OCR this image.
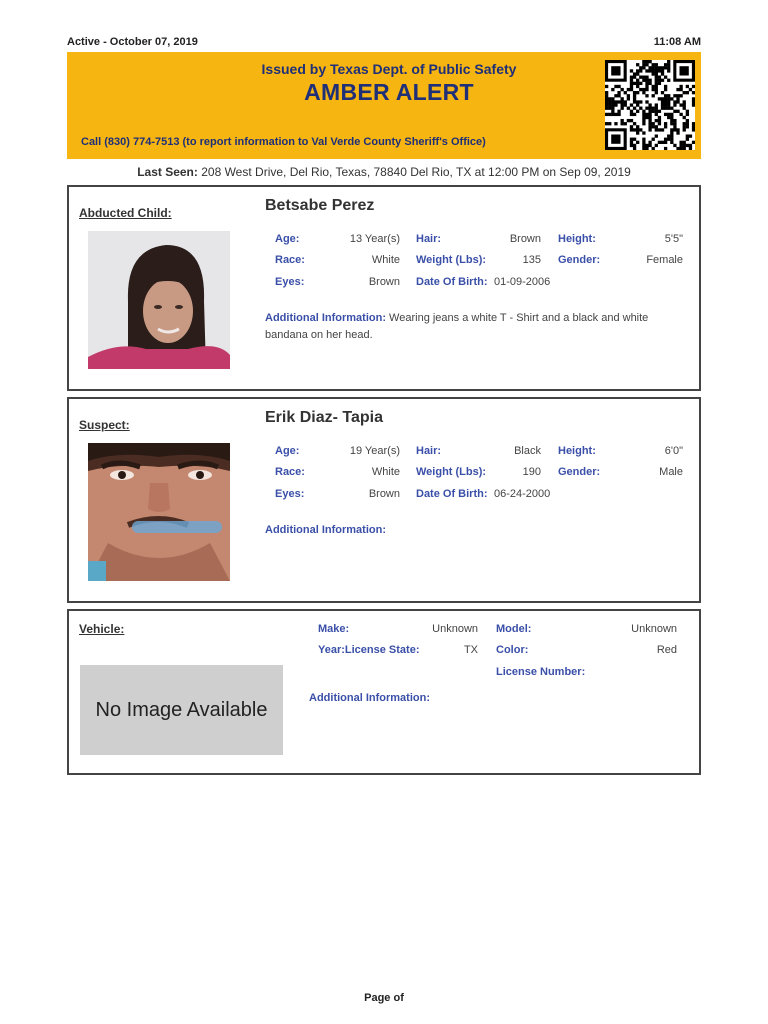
Active - October 07, 2019	11:08 AM
Issued by Texas Dept. of Public Safety
AMBER ALERT
Call (830) 774-7513 (to report information to Val Verde County Sheriff's Office)
Last Seen: 208 West Drive, Del Rio, Texas, 78840 Del Rio, TX at 12:00 PM on Sep 09, 2019
Abducted Child:	Betsabe Perez
Age:	13 Year(s) Hair:	Brown Height:	5'5"
Race:	White Weight (Lbs):	135 Gender:	Female
Eyes:	Brown Date Of Birth: 01-09-2006
Additional Information: Wearing jeans a white T - Shirt and a black and white bandana on her head.
Suspect:	Erik Diaz- Tapia
Age:	19 Year(s) Hair:	Black Height:	6'0"
Race:	White Weight (Lbs):	190 Gender:	Male
Eyes:	Brown Date Of Birth: 06-24-2000
Additional Information:
Vehicle:
No Image Available
Make:	Unknown Model:	Unknown
Year:License State:	TX Color:	Red
License Number:
Additional Information:
Page of
